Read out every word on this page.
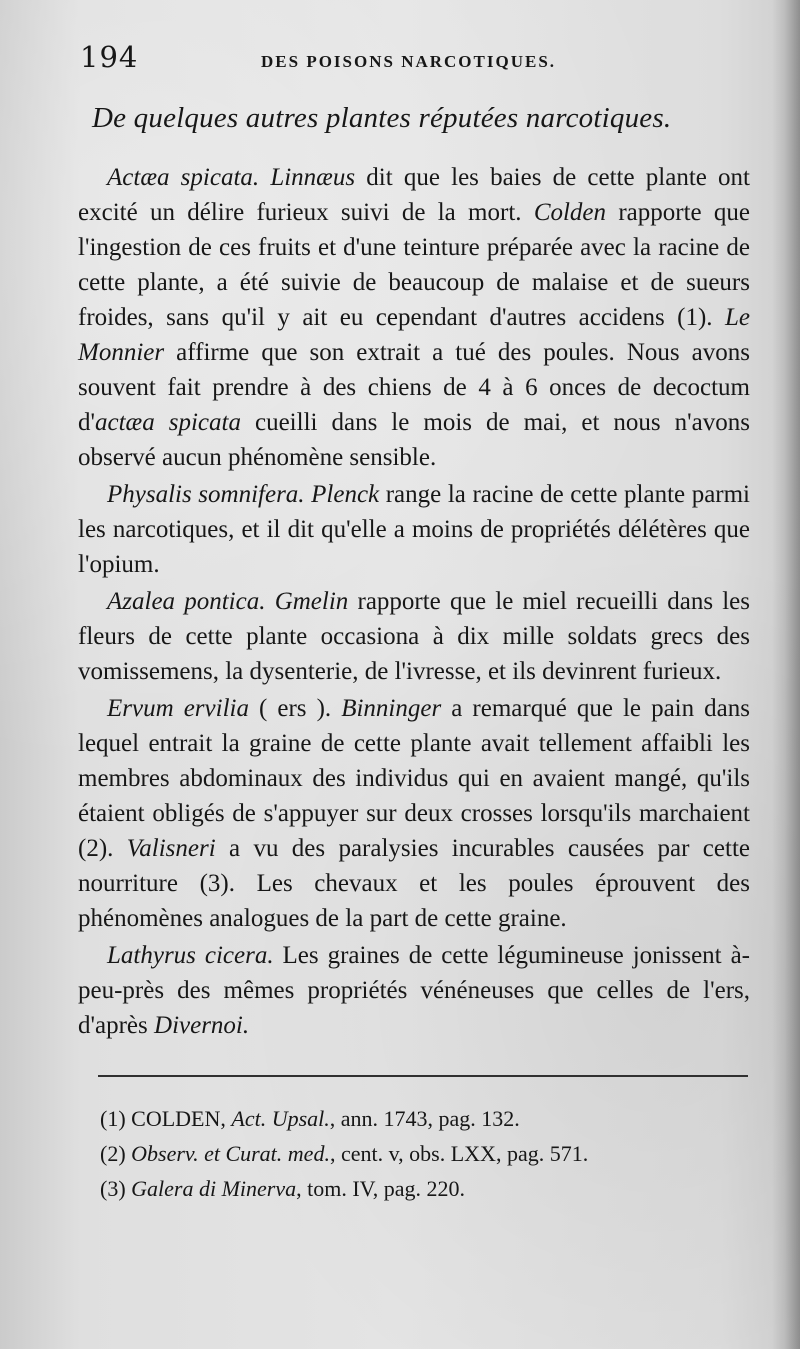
194	DES POISONS NARCOTIQUES.
De quelques autres plantes réputées narcotiques.

Actæa spicata. Linnæus dit que les baies de cette plante ont excité un délire furieux suivi de la mort. Colden rapporte que l'ingestion de ces fruits et d'une teinture préparée avec la racine de cette plante, a été suivie de beaucoup de malaise et de sueurs froides, sans qu'il y ait eu cependant d'autres accidens (1). Le Monnier affirme que son extrait a tué des poules. Nous avons souvent fait prendre à des chiens de 4 à 6 onces de decoctum d'actæa spicata cueilli dans le mois de mai, et nous n'avons observé aucun phénomène sensible.

Physalis somnifera. Plenck range la racine de cette plante parmi les narcotiques, et il dit qu'elle a moins de propriétés délétères que l'opium.

Azalea pontica. Gmelin rapporte que le miel recueilli dans les fleurs de cette plante occasiona à dix mille soldats grecs des vomissemens, la dysenterie, de l'ivresse, et ils devinrent furieux.

Ervum ervilia ( ers ). Binninger a remarqué que le pain dans lequel entrait la graine de cette plante avait tellement affaibli les membres abdominaux des individus qui en avaient mangé, qu'ils étaient obligés de s'appuyer sur deux crosses lorsqu'ils marchaient (2). Valisneri a vu des paralysies incurables causées par cette nourriture (3). Les chevaux et les poules éprouvent des phénomènes analogues de la part de cette graine.

Lathyrus cicera. Les graines de cette légumineuse jonissent à-peu-près des mêmes propriétés vénéneuses que celles de l'ers, d'après Divernoi.

(1) COLDEN, Act. Upsal., ann. 1743, pag. 132.
(2) Observ. et Curat. med., cent. v, obs. LXX, pag. 571.
(3) Galera di Minerva, tom. IV, pag. 220.
